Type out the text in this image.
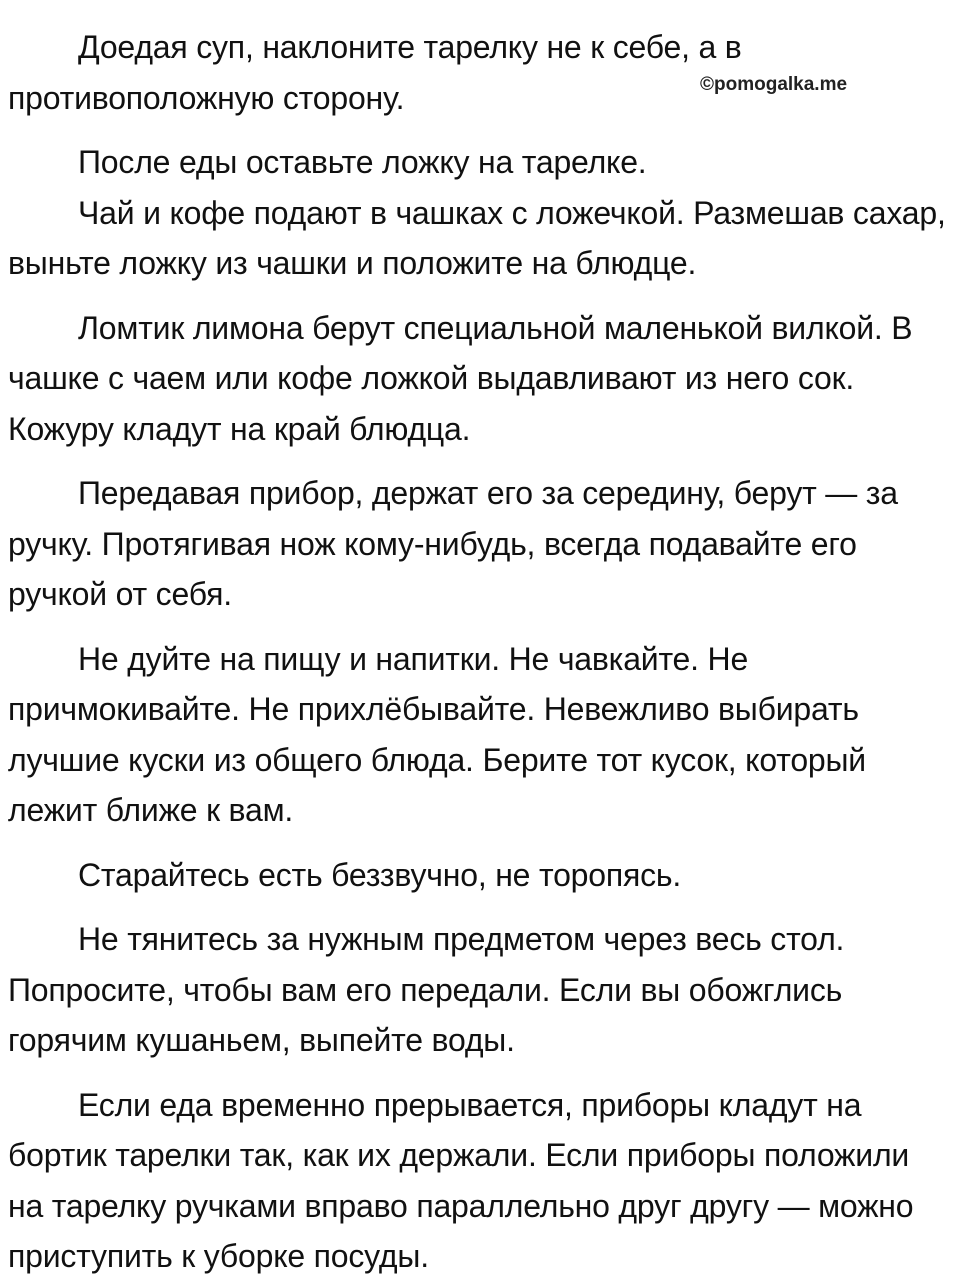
Доедая суп, наклоните тарелку не к себе, а в противоположную сторону.

После еды оставьте ложку на тарелке.

Чай и кофе подают в чашках с ложечкой. Размешав сахар, выньте ложку из чашки и положите на блюдце.

Ломтик лимона берут специальной маленькой вилкой. В чашке с чаем или кофе ложкой выдавливают из него сок. Кожуру кладут на край блюдца.

Передавая прибор, держат его за середину, берут — за ручку. Протягивая нож кому-нибудь, всегда подавайте его ручкой от себя.

Не дуйте на пищу и напитки. Не чавкайте. Не причмокивайте. Не прихлёбывайте. Невежливо выбирать лучшие куски из общего блюда. Берите тот кусок, который лежит ближе к вам.

Старайтесь есть беззвучно, не торопясь.

Не тянитесь за нужным предметом через весь стол. Попросите, чтобы вам его передали. Если вы обожглись горячим кушаньем, выпейте воды.

Если еда временно прерывается, приборы кладут на бортик тарелки так, как их держали. Если приборы положили на тарелку ручками вправо параллельно друг другу — можно приступить к уборке посуды.

©pomogalka.me
